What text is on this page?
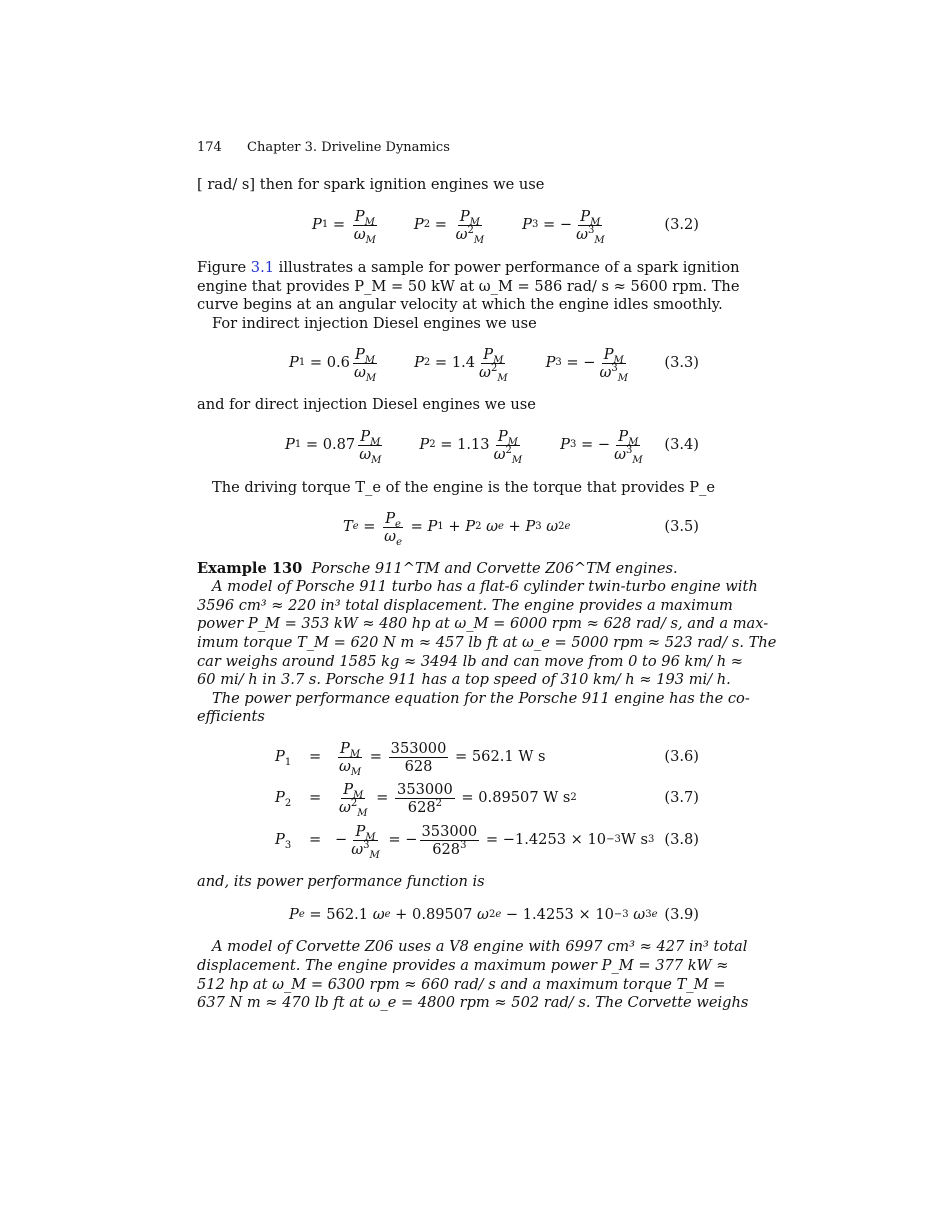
174 Chapter 3. Driveline Dynamics
[ rad/ s] then for spark ignition engines we use
P $1 = \frac{P_M}{\omega_M}$ P $2 = \frac{P_M}{\omega^2_M}$ P 3 = − $\frac{P_M}{\omega^3_M}$	(3.2)
Figure 3.1 illustrates a sample for power performance of a spark ignition
engine that provides P_M = 50 kW at ω_M = 586 rad/ s ≈ 5600 rpm. The
curve begins at an angular velocity at which the engine idles smoothly.
For indirect injection Diesel engines we use
P $1 = 0.6 \frac{P_M}{\omega_M}$ P $2 = 1.4 \frac{P_M}{\omega^2_M}$ P 3 = − $\frac{P_M}{\omega^3_M} (3.3)$
and for direct injection Diesel engines we use
P $1 = 0.87 \frac{P_M}{\omega_M}$ P $2 = 1.13 \frac{P_M}{\omega^2_M}$ P 3 = − $\frac{P_M}{\omega^3_M} (3.4)$
The driving torque T_e of the engine is the torque that provides P_e
T $e = \frac{P_e}{\omega_e} = P$ 1 + P 2
ω e + P 3
ω 2 e	(3.5)
Example 130 Porsche 911^TM and Corvette Z06^TM engines.
A model of Porsche 911 turbo has a flat-6 cylinder twin-turbo engine with
3596 cm³ ≈ 220 in³ total displacement. The engine provides a maximum
power P_M = 353 kW ≈ 480 hp at ω_M = 6000 rpm ≈ 628 rad/ s, and a max-
imum torque T_M = 620 N m ≈ 457 lb ft at ω_e = 5000 rpm ≈ 523 rad/ s. The
car weighs around 1585 kg ≈ 3494 lb and can move from 0 to 96 km/ h ≈
60 mi/ h in 3.7 s. Porsche 911 has a top speed of 310 km/ h ≈ 193 mi/ h.
The power performance equation for the Porsche 911 engine has the co-
efficients
$P_1 = \frac{P_M}{\omega_M} = \frac{353000}{628}$
= 562.1 W s	(3.6)
$P_2 = \frac{P_M}{\omega^2_M} = \frac{353000}{628^2}$
= 0.89507 W s 2	(3.7)
$P_3$ = − $\frac{P_M}{\omega^3_M}$ = − $\frac{353000}{628^3}$
= −1.4253 × 10 −3 W s 3 (3.8)
and, its power performance function is
P e = 562.1
ω e + 0.89507
ω 2 e − 1.4253 × 10 −3
ω 3 e (3.9)
A model of Corvette Z06 uses a V8 engine with 6997 cm³ ≈ 427 in³ total
displacement. The engine provides a maximum power P_M = 377 kW ≈
512 hp at ω_M = 6300 rpm ≈ 660 rad/ s and a maximum torque T_M =
637 N m ≈ 470 lb ft at ω_e = 4800 rpm ≈ 502 rad/ s. The Corvette weighs
